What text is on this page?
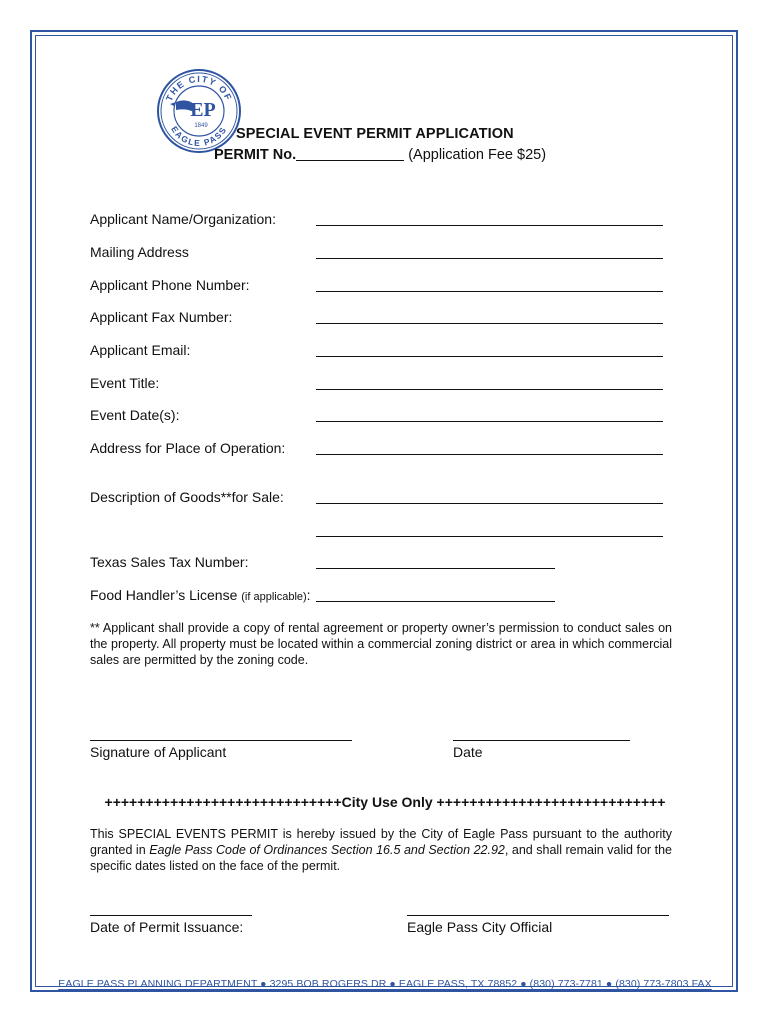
THE CITY OF
EAGLE PASS
EP
1849 SPECIAL EVENT PERMIT APPLICATION
PERMIT No.	(Application Fee $25)
Applicant Name/Organization:
Mailing Address
Applicant Phone Number:
Applicant Fax Number:
Applicant Email:
Event Title:
Event Date(s):
Address for Place of Operation:
Description of Goods**for Sale:
Texas Sales Tax Number:
Food Handler’s License (if applicable):
** Applicant shall provide a copy of rental agreement or property owner’s permission to conduct sales on the property. All property must be located within a commercial zoning district or area in which commercial sales are permitted by the zoning code.
Signature of Applicant	Date
+++++++++++++++++++++++++++++City Use Only ++++++++++++++++++++++++++++
This SPECIAL EVENTS PERMIT is hereby issued by the City of Eagle Pass pursuant to the authority granted in Eagle Pass Code of Ordinances Section 16.5 and Section 22.92, and shall remain valid for the specific dates listed on the face of the permit.
Date of Permit Issuance:	Eagle Pass City Official
EAGLE PASS PLANNING DEPARTMENT ● 3295 BOB ROGERS DR ● EAGLE PASS, TX 78852 ● (830) 773-7781 ● (830) 773-7803 FAX
